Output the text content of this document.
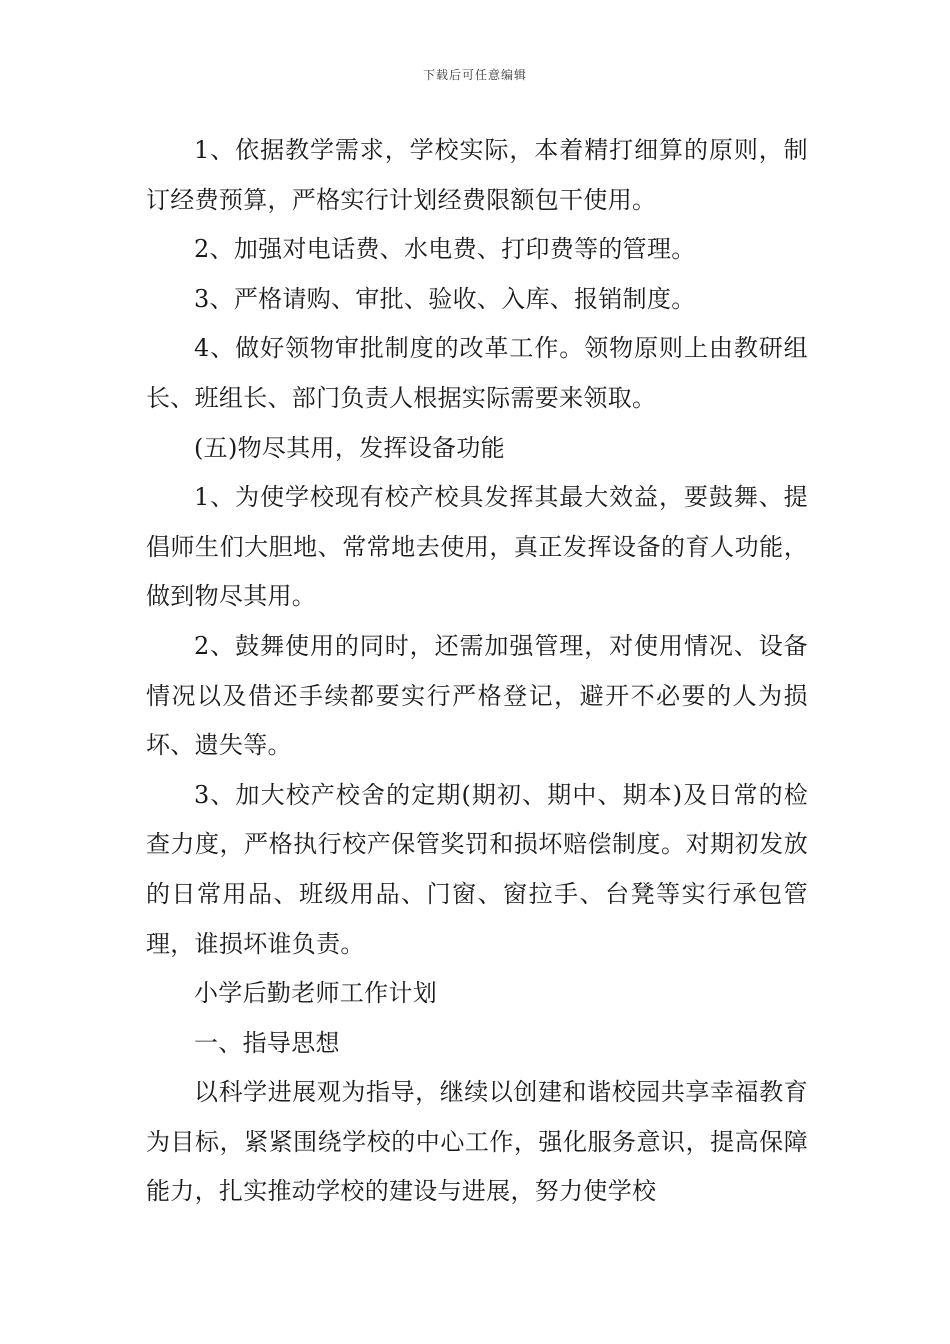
下载后可任意编辑

1、依据教学需求，学校实际，本着精打细算的原则，制订经费预算，严格实行计划经费限额包干使用。

2、加强对电话费、水电费、打印费等的管理。

3、严格请购、审批、验收、入库、报销制度。

4、做好领物审批制度的改革工作。领物原则上由教研组长、班组长、部门负责人根据实际需要来领取。

(五)物尽其用，发挥设备功能

1、为使学校现有校产校具发挥其最大效益，要鼓舞、提倡师生们大胆地、常常地去使用，真正发挥设备的育人功能，做到物尽其用。

2、鼓舞使用的同时，还需加强管理，对使用情况、设备情况以及借还手续都要实行严格登记，避开不必要的人为损坏、遗失等。

3、加大校产校舍的定期(期初、期中、期本)及日常的检查力度，严格执行校产保管奖罚和损坏赔偿制度。对期初发放的日常用品、班级用品、门窗、窗拉手、台凳等实行承包管理，谁损坏谁负责。

小学后勤老师工作计划

一、指导思想

以科学进展观为指导，继续以创建和谐校园共享幸福教育为目标，紧紧围绕学校的中心工作，强化服务意识，提高保障能力，扎实推动学校的建设与进展，努力使学校
